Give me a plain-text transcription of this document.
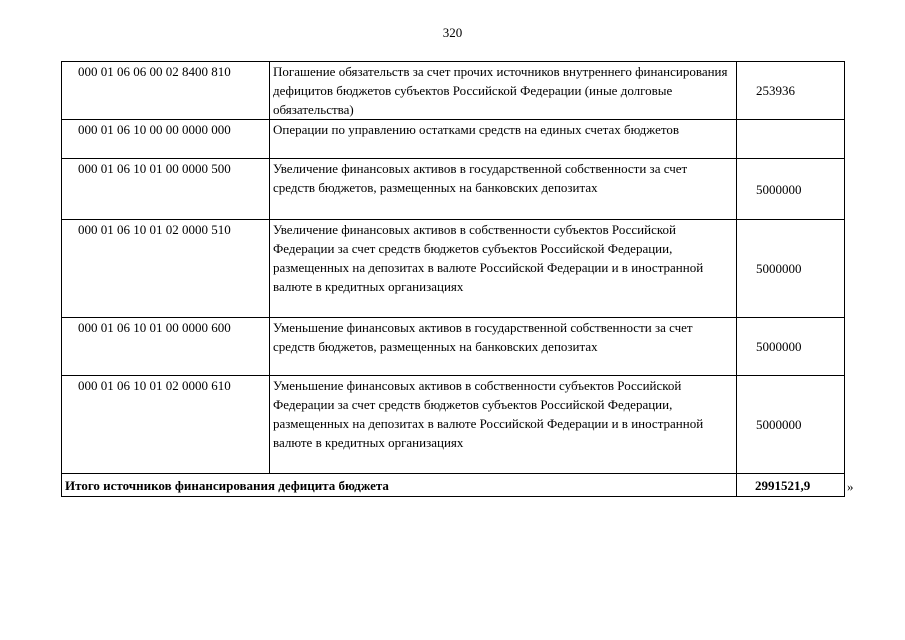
320
000 01 06 06 00 02 8400 810	Погашение обязательств за счет прочих источников внутреннего финансирования дефицитов бюджетов субъектов Российской Федерации (иные долговые обязательства)	253936
000 01 06 10 00 00 0000 000	Операции по управлению остатками средств на единых счетах бюджетов	
000 01 06 10 01 00 0000 500	Увеличение финансовых активов в государственной собственности за счет средств бюджетов, размещенных на банковских депозитах	5000000
000 01 06 10 01 02 0000 510	Увеличение финансовых активов в собственности субъектов Российской Федерации за счет средств бюджетов субъектов Российской Федерации, размещенных на депозитах в валюте Российской Федерации и в иностранной валюте в кредитных организациях	5000000
000 01 06 10 01 00 0000 600	Уменьшение финансовых активов в государственной собственности за счет средств бюджетов, размещенных на банковских депозитах	5000000
000 01 06 10 01 02 0000 610	Уменьшение финансовых активов в собственности субъектов Российской Федерации за счет средств бюджетов субъектов Российской Федерации, размещенных на депозитах в валюте Российской Федерации и в иностранной валюте в кредитных организациях	5000000
Итого источников финансирования дефицита бюджета		2991521,9	»
